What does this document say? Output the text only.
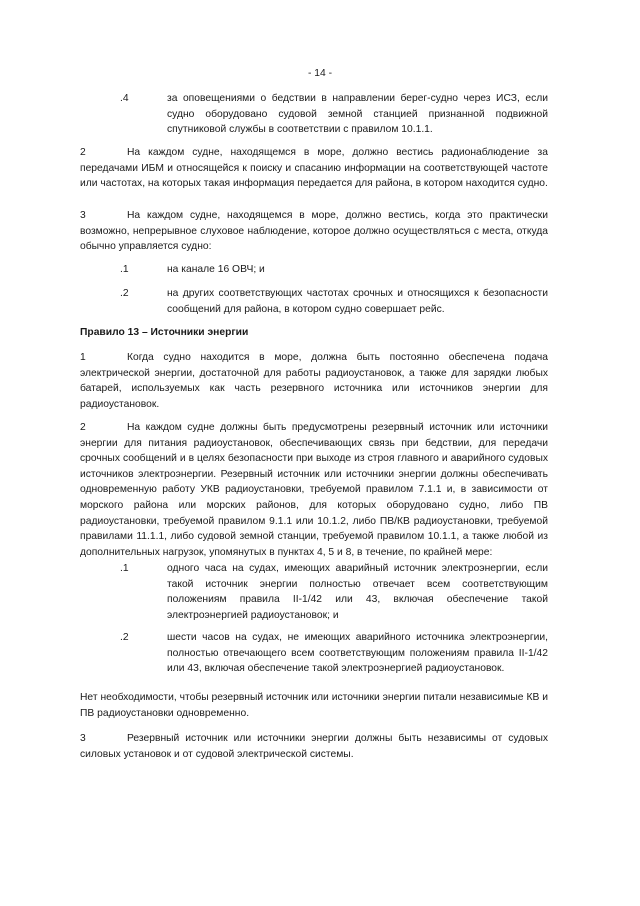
- 14 -
.4	за оповещениями о бедствии в направлении берег-судно через ИСЗ, если судно оборудовано судовой земной станцией признанной подвижной спутниковой службы в соответствии с правилом 10.1.1.

2	На каждом судне, находящемся в море, должно вестись радионаблюдение за передачами ИБМ и относящейся к поиску и спасанию информации на соответствующей частоте или частотах, на которых такая информация передается для района, в котором находится судно.

3	На каждом судне, находящемся в море, должно вестись, когда это практически возможно, непрерывное слуховое наблюдение, которое должно осуществляться с места, откуда обычно управляется судно:

.1	на канале 16 ОВЧ; и

.2	на других соответствующих частотах срочных и относящихся к безопасности сообщений для района, в котором судно совершает рейс.

Правило 13 – Источники энергии

1	Когда судно находится в море, должна быть постоянно обеспечена подача электрической энергии, достаточной для работы радиоустановок, а также для зарядки любых батарей, используемых как часть резервного источника или источников энергии для радиоустановок.

2	На каждом судне должны быть предусмотрены резервный источник или источники энергии для питания радиоустановок, обеспечивающих связь при бедствии, для передачи срочных сообщений и в целях безопасности при выходе из строя главного и аварийного судовых источников электроэнергии. Резервный источник или источники энергии должны обеспечивать одновременную работу УКВ радиоустановки, требуемой правилом 7.1.1 и, в зависимости от морского района или морских районов, для которых оборудовано судно, либо ПВ радиоустановки, требуемой правилом 9.1.1 или 10.1.2, либо ПВ/КВ радиоустановки, требуемой правилами 11.1.1, либо судовой земной станции, требуемой правилом 10.1.1, а также любой из дополнительных нагрузок, упомянутых в пунктах 4, 5 и 8, в течение, по крайней мере:

.1	одного часа на судах, имеющих аварийный источник электроэнергии, если такой источник энергии полностью отвечает всем соответствующим положениям правила II-1/42 или 43, включая обеспечение такой электроэнергией радиоустановок; и

.2	шести часов на судах, не имеющих аварийного источника электроэнергии, полностью отвечающего всем соответствующим положениям правила II-1/42 или 43, включая обеспечение такой электроэнергией радиоустановок.

Нет необходимости, чтобы резервный источник или источники энергии питали независимые КВ и ПВ радиоустановки одновременно.

3	Резервный источник или источники энергии должны быть независимы от судовых силовых установок и от судовой электрической системы.
